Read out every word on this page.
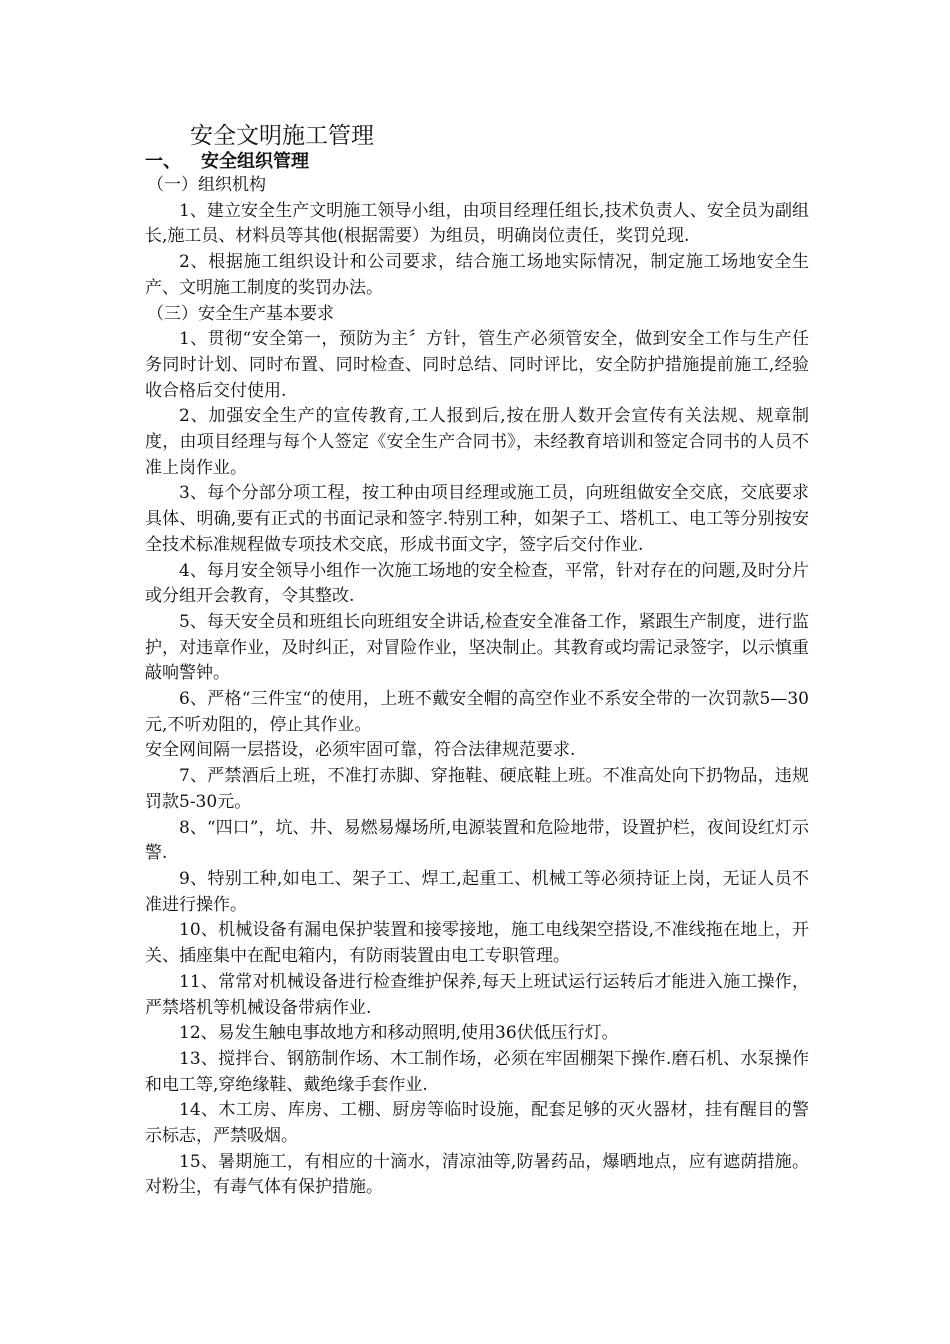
安全文明施工管理
一、 安全组织管理

（一）组织机构

1、建立安全生产文明施工领导小组，由项目经理任组长,技术负责人、安全员为副组长,施工员、材料员等其他(根据需要）为组员，明确岗位责任，奖罚兑现.

2、根据施工组织设计和公司要求，结合施工场地实际情况，制定施工场地安全生产、文明施工制度的奖罚办法。

（三）安全生产基本要求

1、贯彻“安全第一，预防为主〞方针，管生产必须管安全，做到安全工作与生产任务同时计划、同时布置、同时检查、同时总结、同时评比，安全防护措施提前施工,经验收合格后交付使用.

2、加强安全生产的宣传教育,工人报到后,按在册人数开会宣传有关法规、规章制度，由项目经理与每个人签定《安全生产合同书》，未经教育培训和签定合同书的人员不准上岗作业。

3、每个分部分项工程，按工种由项目经理或施工员，向班组做安全交底，交底要求具体、明确,要有正式的书面记录和签字.特别工种，如架子工、塔机工、电工等分别按安全技术标准规程做专项技术交底，形成书面文字，签字后交付作业.

4、每月安全领导小组作一次施工场地的安全检查，平常，针对存在的问题,及时分片或分组开会教育，令其整改.

5、每天安全员和班组长向班组安全讲话,检查安全准备工作，紧跟生产制度，进行监护，对违章作业，及时纠正，对冒险作业，坚决制止。其教育或均需记录签字，以示慎重敲响警钟。

6、严格“三件宝“的使用，上班不戴安全帽的高空作业不系安全带的一次罚款5—30元,不听劝阻的，停止其作业。

安全网间隔一层搭设，必须牢固可靠，符合法律规范要求.

7、严禁酒后上班，不准打赤脚、穿拖鞋、硬底鞋上班。不准高处向下扔物品，违规罚款5-30元。

8、“四口”，坑、井、易燃易爆场所,电源装置和危险地带，设置护栏，夜间设红灯示警.

9、特别工种,如电工、架子工、焊工,起重工、机械工等必须持证上岗，无证人员不准进行操作。

10、机械设备有漏电保护装置和接零接地，施工电线架空搭设,不准线拖在地上，开关、插座集中在配电箱内，有防雨装置由电工专职管理。

11、常常对机械设备进行检查维护保养,每天上班试运行运转后才能进入施工操作，严禁塔机等机械设备带病作业.

12、易发生触电事故地方和移动照明,使用36伏低压行灯。

13、搅拌台、钢筋制作场、木工制作场，必须在牢固棚架下操作.磨石机、水泵操作和电工等,穿绝缘鞋、戴绝缘手套作业.

14、木工房、库房、工棚、厨房等临时设施，配套足够的灭火器材，挂有醒目的警示标志，严禁吸烟。

15、暑期施工，有相应的十滴水，清凉油等,防暑药品，爆晒地点，应有遮荫措施。对粉尘，有毒气体有保护措施。
